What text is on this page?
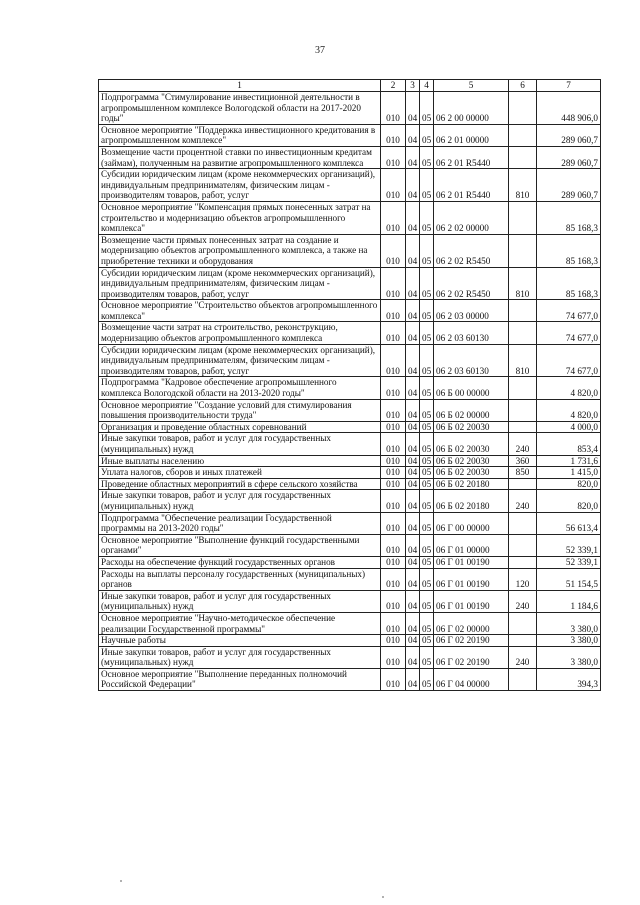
37
1	2	3	4	5	6	7
Подпрограмма "Стимулирование инвестиционной деятельности в агропромышленном комплексе Вологодской области на 2017-2020 годы"	010	04	05	06 2 00 00000		448 906,0
Основное мероприятие "Поддержка инвестиционного кредитования в агропромышленном комплексе"	010	04	05	06 2 01 00000		289 060,7
Возмещение части процентной ставки по инвестиционным кредитам (займам), полученным на развитие агропромышленного комплекса	010	04	05	06 2 01 R5440		289 060,7
Субсидии юридическим лицам (кроме некоммерческих организаций), индивидуальным предпринимателям, физическим лицам - производителям товаров, работ, услуг	010	04	05	06 2 01 R5440	810	289 060,7
Основное мероприятие "Компенсация прямых понесенных затрат на строительство и модернизацию объектов агропромышленного комплекса"	010	04	05	06 2 02 00000		85 168,3
Возмещение части прямых понесенных затрат на создание и модернизацию объектов агропромышленного комплекса, а также на приобретение техники и оборудования	010	04	05	06 2 02 R5450		85 168,3
Субсидии юридическим лицам (кроме некоммерческих организаций), индивидуальным предпринимателям, физическим лицам - производителям товаров, работ, услуг	010	04	05	06 2 02 R5450	810	85 168,3
Основное мероприятие "Строительство объектов агропромышленного комплекса"	010	04	05	06 2 03 00000		74 677,0
Возмещение части затрат на строительство, реконструкцию, модернизацию объектов агропромышленного комплекса	010	04	05	06 2 03 60130		74 677,0
Субсидии юридическим лицам (кроме некоммерческих организаций), индивидуальным предпринимателям, физическим лицам - производителям товаров, работ, услуг	010	04	05	06 2 03 60130	810	74 677,0
Подпрограмма "Кадровое обеспечение агропромышленного комплекса Вологодской области на 2013-2020 годы"	010	04	05	06 Б 00 00000		4 820,0
Основное мероприятие "Создание условий для стимулирования повышения производительности труда"	010	04	05	06 Б 02 00000		4 820,0
Организация и проведение областных соревнований	010	04	05	06 Б 02 20030		4 000,0
Иные закупки товаров, работ и услуг для государственных (муниципальных) нужд	010	04	05	06 Б 02 20030	240	853,4
Иные выплаты населению	010	04	05	06 Б 02 20030	360	1 731,6
Уплата налогов, сборов и иных платежей	010	04	05	06 Б 02 20030	850	1 415,0
Проведение областных мероприятий в сфере сельского хозяйства	010	04	05	06 Б 02 20180		820,0
Иные закупки товаров, работ и услуг для государственных (муниципальных) нужд	010	04	05	06 Б 02 20180	240	820,0
Подпрограмма "Обеспечение реализации Государственной программы на 2013-2020 годы"	010	04	05	06 Г 00 00000		56 613,4
Основное мероприятие "Выполнение функций государственными органами"	010	04	05	06 Г 01 00000		52 339,1
Расходы на обеспечение функций государственных органов	010	04	05	06 Г 01 00190		52 339,1
Расходы на выплаты персоналу государственных (муниципальных) органов	010	04	05	06 Г 01 00190	120	51 154,5
Иные закупки товаров, работ и услуг для государственных (муниципальных) нужд	010	04	05	06 Г 01 00190	240	1 184,6
Основное мероприятие "Научно-методическое обеспечение реализации Государственной программы"	010	04	05	06 Г 02 00000		3 380,0
Научные работы	010	04	05	06 Г 02 20190		3 380,0
Иные закупки товаров, работ и услуг для государственных (муниципальных) нужд	010	04	05	06 Г 02 20190	240	3 380,0
Основное мероприятие "Выполнение переданных полномочий Российской Федерации"	010	04	05	06 Г 04 00000		394,3
